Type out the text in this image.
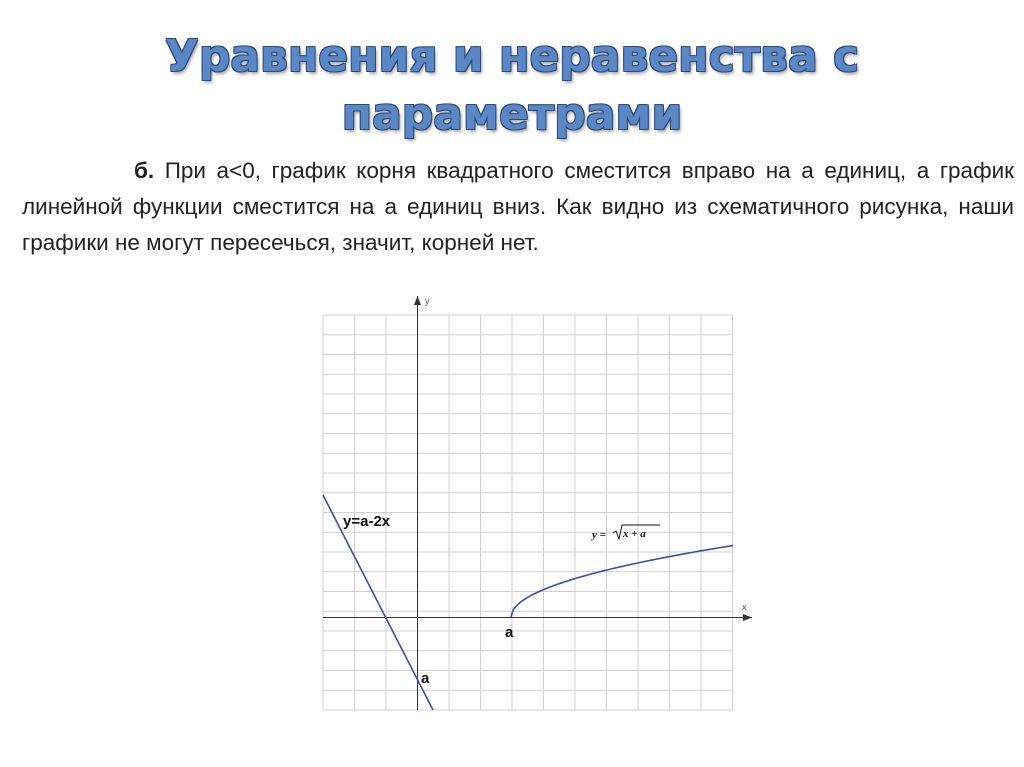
Уравнения и неравенства с
параметрами

б. При а<0, график корня квадратного сместится вправо на а единиц, а график линейной функции сместится на а единиц вниз. Как видно из схематичного рисунка, наши графики не могут пересечься, значит, корней нет.

x
y
y=a-2x
a
a
y = x + a
